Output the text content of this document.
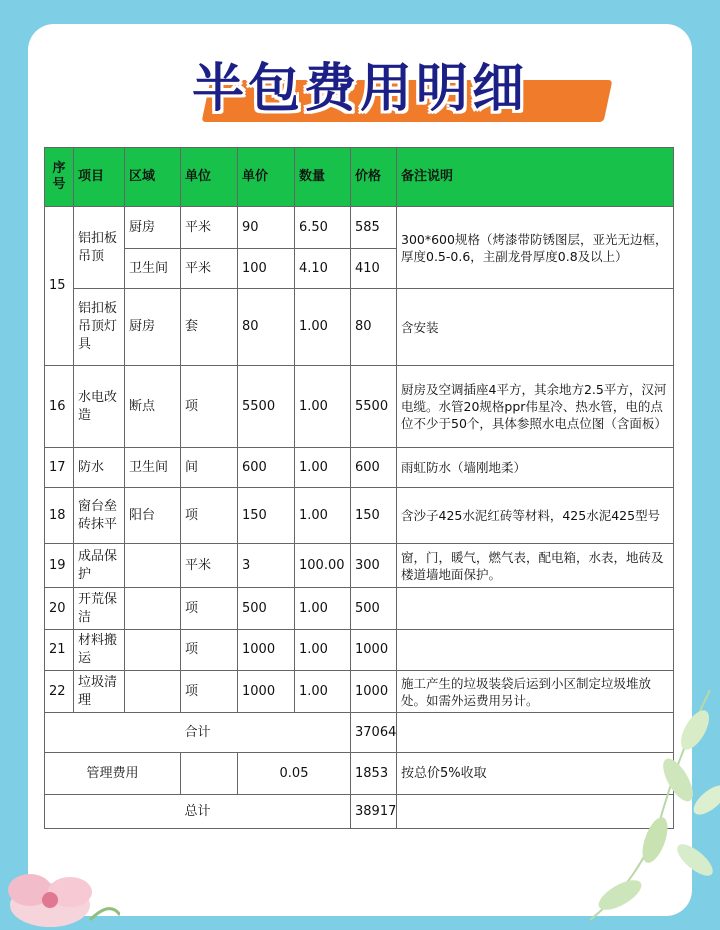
半包费用明细
序号	项目	区域	单位	单价	数量	价格	备注说明
15	铝扣板吊顶	厨房	平米	90	6.50	585	300*600规格（烤漆带防锈图层，亚光无边框，厚度0.5-0.6，主副龙骨厚度0.8及以上）
		卫生间	平米	100	4.10	410	
	铝扣板吊顶灯具	厨房	套	80	1.00	80	含安装
16	水电改造	断点	项	5500	1.00	5500	厨房及空调插座4平方，其余地方2.5平方，汉河电缆。水管20规格ppr伟星冷、热水管，电的点位不少于50个，具体参照水电点位图（含面板）
17	防水	卫生间	间	600	1.00	600	雨虹防水（墙刚地柔）
18	窗台垒砖抹平	阳台	项	150	1.00	150	含沙子425水泥红砖等材料，425水泥425型号
19	成品保护		平米	3	100.00	300	窗，门，暖气，燃气表，配电箱，水表，地砖及楼道墙地面保护。
20	开荒保洁		项	500	1.00	500	
21	材料搬运		项	1000	1.00	1000	
22	垃圾清理		项	1000	1.00	1000	施工产生的垃圾装袋后运到小区制定垃圾堆放处。如需外运费用另计。
合计						37064	
管理费用				0.05		1853	按总价5%收取
总计						38917	
